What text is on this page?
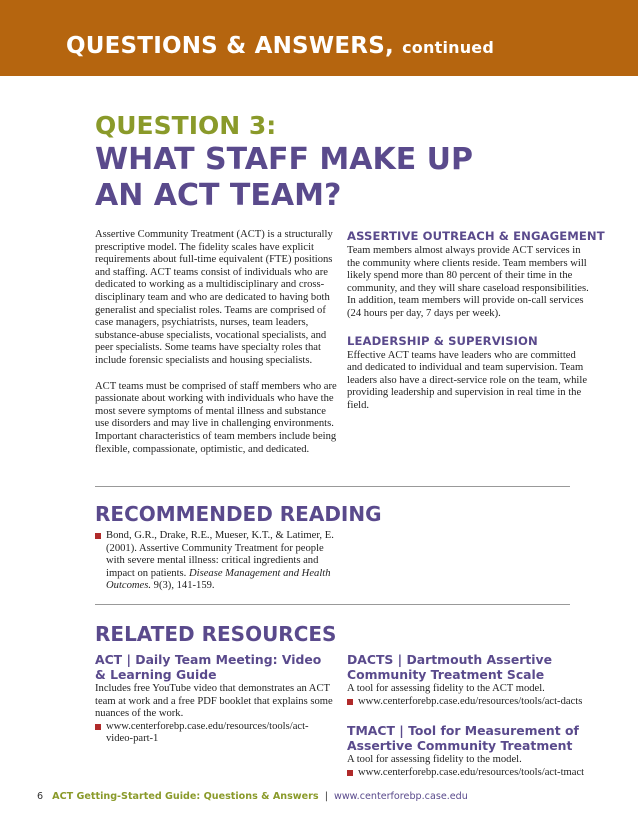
QUESTIONS & ANSWERS, continued
QUESTION 3:
WHAT STAFF MAKE UP
AN ACT TEAM?

Assertive Community Treatment (ACT) is a structurally prescriptive model. The fidelity scales have explicit requirements about full-time equivalent (FTE) positions and staffing. ACT teams consist of individuals who are dedicated to working as a multidisciplinary and cross-disciplinary team and who are dedicated to having both generalist and specialist roles. Teams are comprised of case managers, psychiatrists, nurses, team leaders, substance-abuse specialists, vocational specialists, and peer specialists. Some teams have specialty roles that include forensic specialists and housing specialists.

ACT teams must be comprised of staff members who are passionate about working with individuals who have the most severe symptoms of mental illness and substance use disorders and may live in challenging environments. Important characteristics of team members include being flexible, compassionate, optimistic, and dedicated.

ASSERTIVE OUTREACH & ENGAGEMENT

Team members almost always provide ACT services in the community where clients reside. Team members will likely spend more than 80 percent of their time in the community, and they will share caseload responsibilities. In addition, team members will provide on-call services (24 hours per day, 7 days per week).

LEADERSHIP & SUPERVISION

Effective ACT teams have leaders who are committed and dedicated to individual and team supervision. Team leaders also have a direct-service role on the team, while providing leadership and supervision in real time in the field.

RECOMMENDED READING
Bond, G.R., Drake, R.E., Mueser, K.T., & Latimer, E. (2001). Assertive Community Treatment for people with severe mental illness: critical ingredients and impact on patients. Disease Management and Health Outcomes. 9(3), 141-159.
RELATED RESOURCES
ACT | Daily Team Meeting: Video & Learning Guide

Includes free YouTube video that demonstrates an ACT team at work and a free PDF booklet that explains some nuances of the work.

www.centerforebp.case.edu/resources/tools/act-video-part-1
DACTS | Dartmouth Assertive Community Treatment Scale

A tool for assessing fidelity to the ACT model.

www.centerforebp.case.edu/resources/tools/act-dacts
TMACT | Tool for Measurement of Assertive Community Treatment

A tool for assessing fidelity to the model.

www.centerforebp.case.edu/resources/tools/act-tmact
6 ACT Getting-Started Guide: Questions & Answers | www.centerforebp.case.edu
